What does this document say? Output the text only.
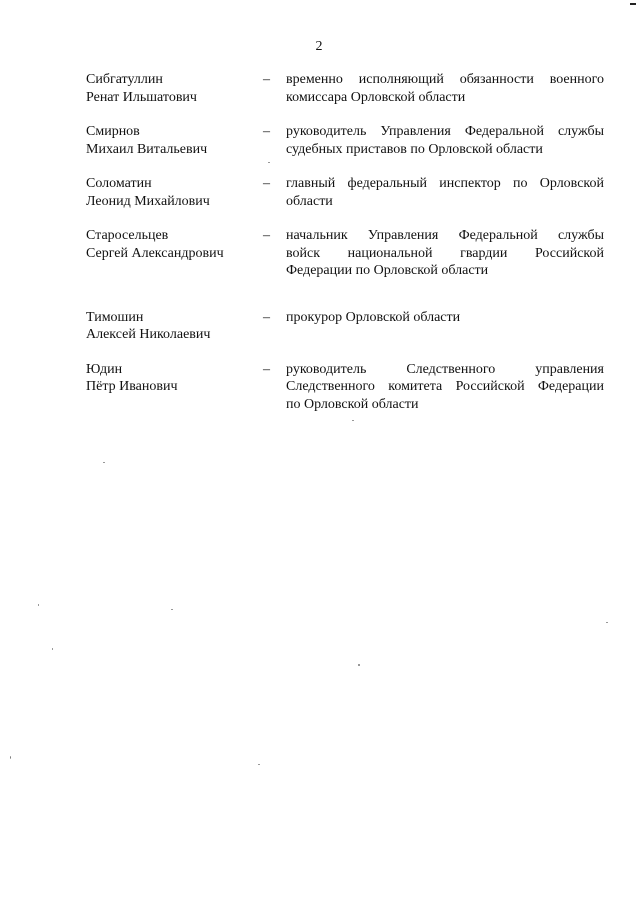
2
Сибгатуллин
Ренат Ильшатович
–	временно исполняющий обязанности военного
комиссара Орловской области
Смирнов
Михаил Витальевич
–	руководитель Управления Федеральной службы
судебных приставов по Орловской области
Соломатин
Леонид Михайлович
–	главный федеральный инспектор по Орловской
области
Старосельцев
Сергей Александрович
–	начальник Управления Федеральной службы
войск национальной гвардии Российской
Федерации по Орловской области
Тимошин
Алексей Николаевич
–	прокурор Орловской области
Юдин
Пётр Иванович
–	руководитель Следственного управления
Следственного комитета Российской Федерации
по Орловской области
